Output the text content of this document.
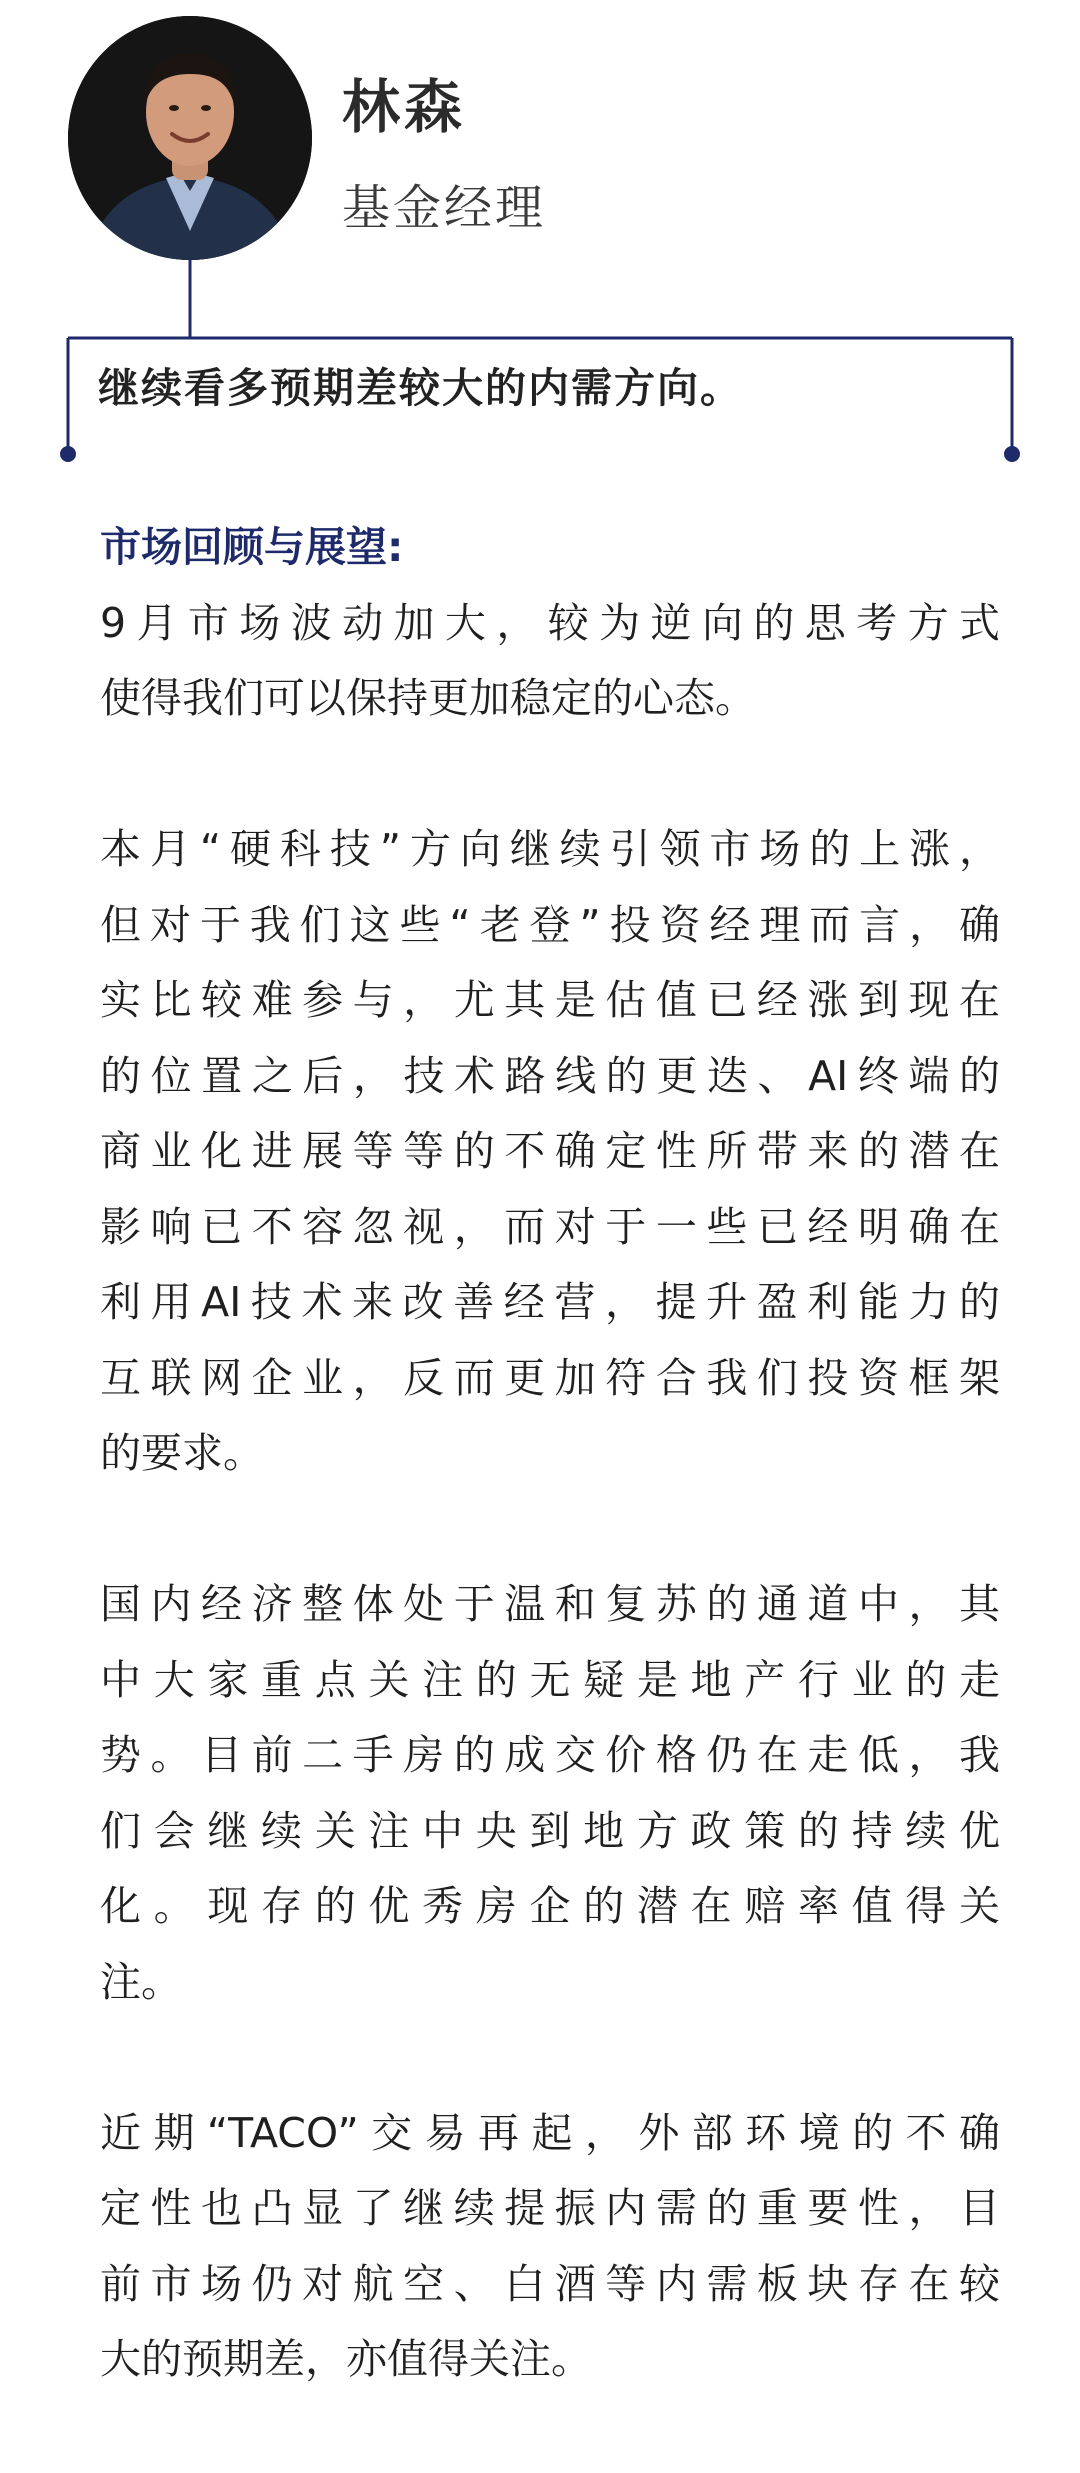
林森
基金经理
继续看多预期差较大的内需方向。
市场回顾与展望:
9月市场波动加大，较为逆向的思考方式
使得我们可以保持更加稳定的心态。
本月“硬科技”方向继续引领市场的上涨，
但对于我们这些“老登”投资经理而言，确
实比较难参与，尤其是估值已经涨到现在
的位置之后，技术路线的更迭、AI终端的
商业化进展等等的不确定性所带来的潜在
影响已不容忽视，而对于一些已经明确在
利用AI技术来改善经营，提升盈利能力的
互联网企业，反而更加符合我们投资框架
的要求。
国内经济整体处于温和复苏的通道中，其
中大家重点关注的无疑是地产行业的走
势。目前二手房的成交价格仍在走低，我
们会继续关注中央到地方政策的持续优
化。现存的优秀房企的潜在赔率值得关
注。
近期“TACO”交易再起，外部环境的不确
定性也凸显了继续提振内需的重要性，目
前市场仍对航空、白酒等内需板块存在较
大的预期差，亦值得关注。
